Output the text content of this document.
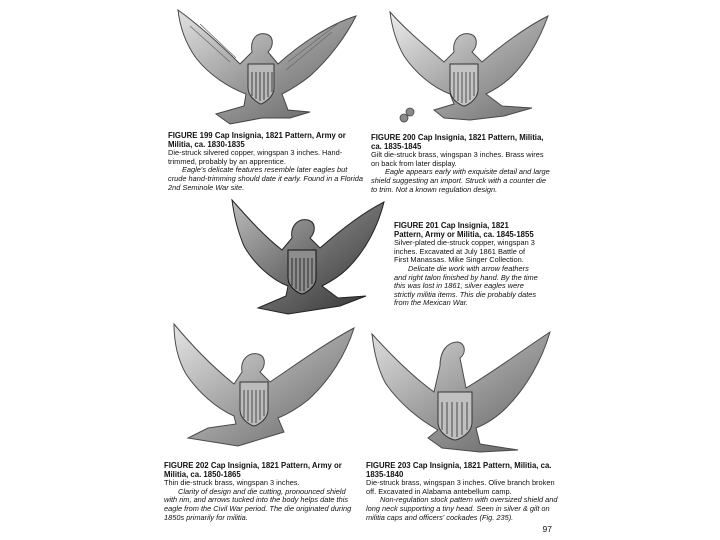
FIGURE 199 Cap Insignia, 1821 Pattern, Army or Militia, ca. 1830-1835

Die-struck silvered copper, wingspan 3 inches. Hand-trimmed, probably by an apprentice.

Eagle's delicate features resemble later eagles but crude hand-trimming should date it early. Found in a Florida 2nd Seminole War site.

FIGURE 200 Cap Insignia, 1821 Pattern, Militia, ca. 1835-1845

Gilt die-struck brass, wingspan 3 inches. Brass wires on back from later display.

Eagle appears early with exquisite detail and large shield suggesting an import. Struck with a counter die to trim. Not a known regulation design.

FIGURE 201 Cap Insignia, 1821 Pattern, Army or Militia, ca. 1845-1855

Silver-plated die-struck copper, wingspan 3 inches. Excavated at July 1861 Battle of First Manassas. Mike Singer Collection.

Delicate die work with arrow feathers and right talon finished by hand. By the time this was lost in 1861, silver eagles were strictly militia items. This die probably dates from the Mexican War.

FIGURE 202 Cap Insignia, 1821 Pattern, Army or Militia, ca. 1850-1865

Thin die-struck brass, wingspan 3 inches.

Clarity of design and die cutting, pronounced shield with rim, and arrows tucked into the body helps date this eagle from the Civil War period. The die originated during 1850s primarily for militia.

FIGURE 203 Cap Insignia, 1821 Pattern, Militia, ca. 1835-1840

Die-struck brass, wingspan 3 inches. Olive branch broken off. Excavated in Alabama antebellum camp.

Non-regulation stock pattern with oversized shield and long neck supporting a tiny head. Seen in silver & gilt on militia caps and officers' cockades (Fig. 235).

97
